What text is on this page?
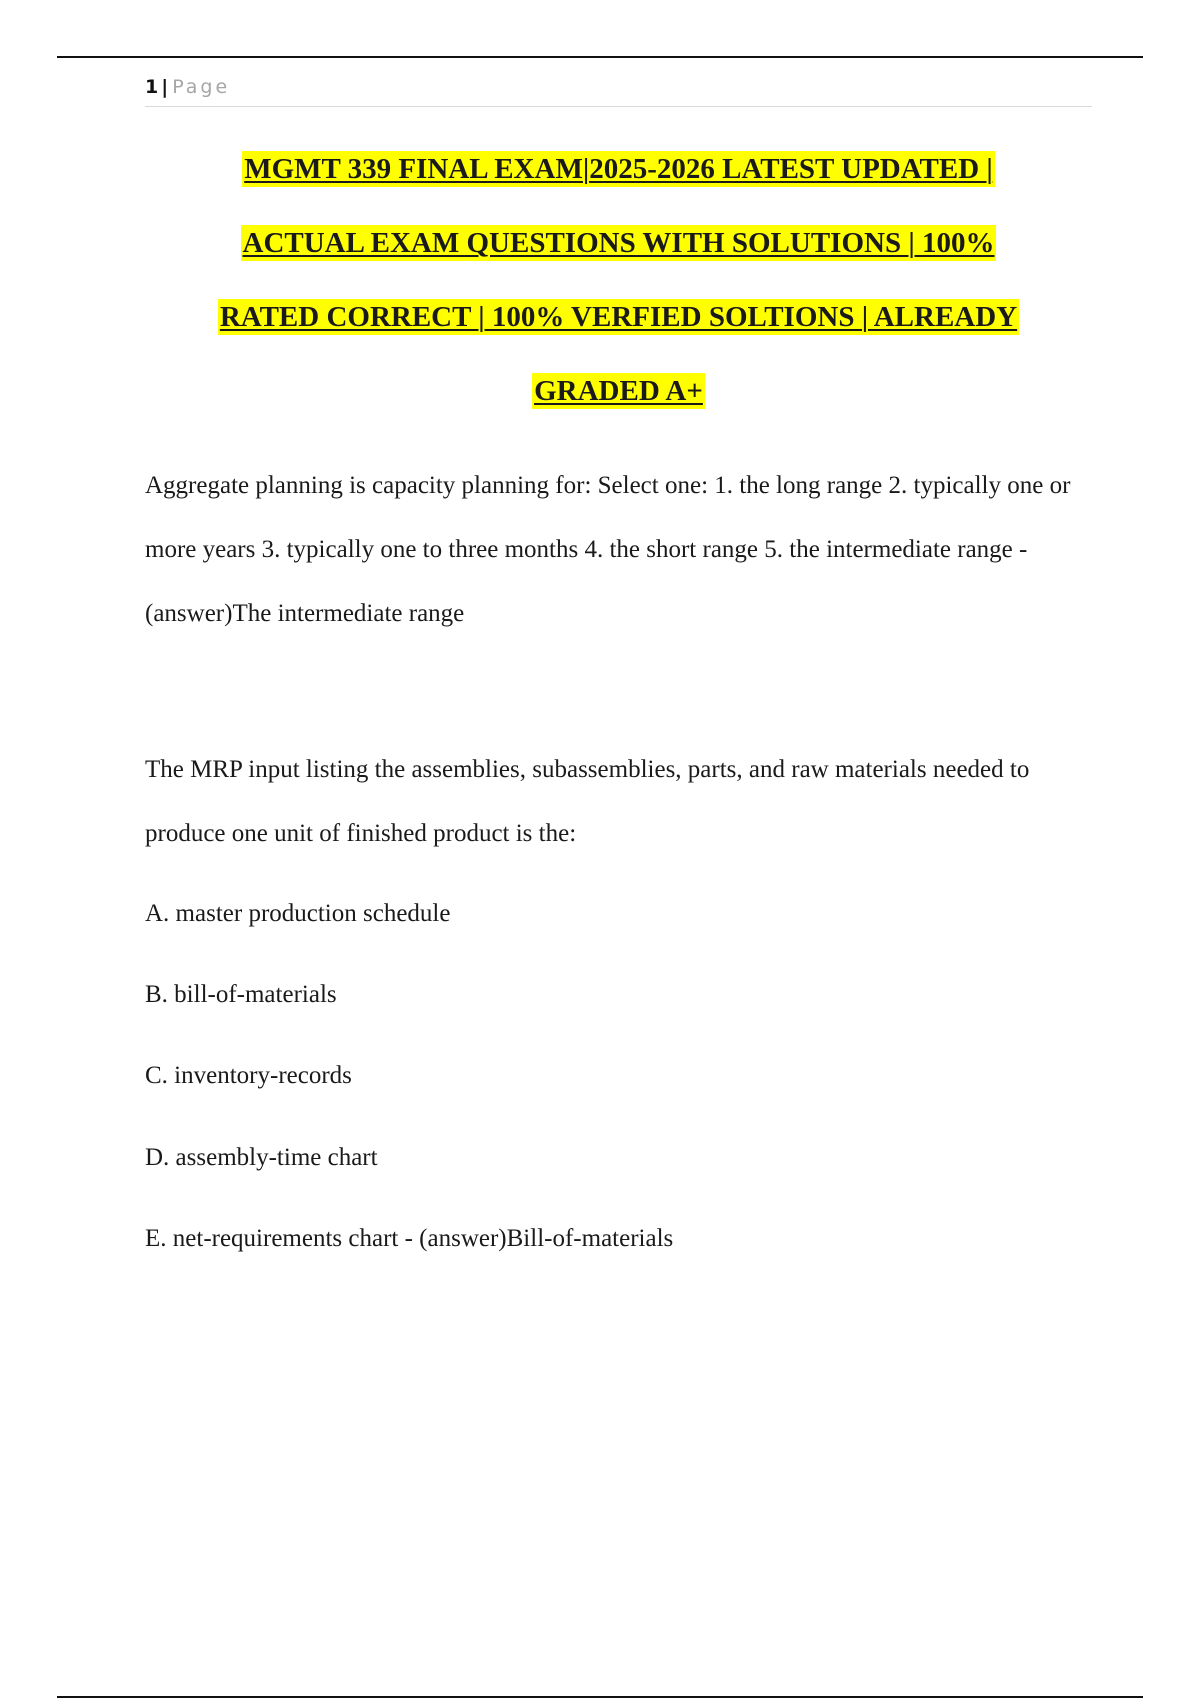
1 | Page
MGMT 339 FINAL EXAM|2025-2026 LATEST UPDATED |
ACTUAL EXAM QUESTIONS WITH SOLUTIONS | 100%
RATED CORRECT | 100% VERFIED SOLTIONS | ALREADY
GRADED A+
Aggregate planning is capacity planning for: Select one: 1. the long range 2. typically one or more years 3. typically one to three months 4. the short range 5. the intermediate range - (answer)The intermediate range
The MRP input listing the assemblies, subassemblies, parts, and raw materials needed to produce one unit of finished product is the:
A. master production schedule
B. bill-of-materials
C. inventory-records
D. assembly-time chart
E. net-requirements chart - (answer)Bill-of-materials
